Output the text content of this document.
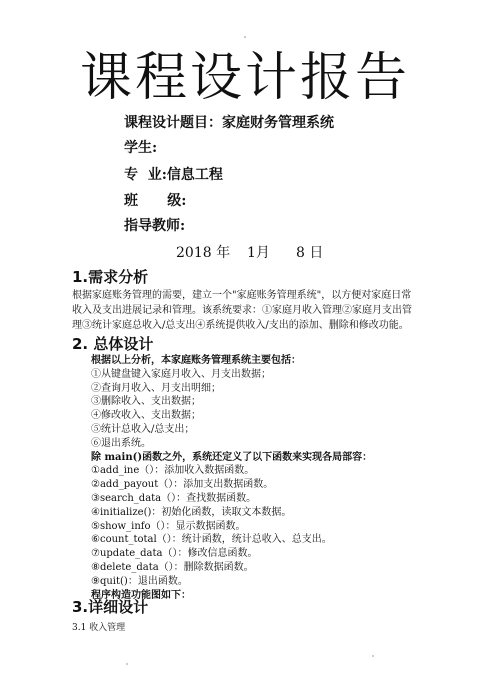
课程设计报告
课程设计题目：家庭财务管理系统
学生:
专  业:信息工程
班      级:
指导教师:
2018 年 1月 8 日
1.需求分析
根据家庭账务管理的需要，建立一个"家庭账务管理系统"，以方便对家庭日常
收入及支出进展记录和管理。该系统要求：①家庭月收入管理②家庭月支出管
理③统计家庭总收入/总支出④系统提供收入/支出的添加、删除和修改功能。
2. 总体设计
根据以上分析，本家庭账务管理系统主要包括：
①从键盘键入家庭月收入、月支出数据；
②查询月收入、月支出明细；
③删除收入、支出数据；
④修改收入、支出数据；
⑤统计总收入/总支出；
⑥退出系统。
除 main()函数之外，系统还定义了以下函数来实现各局部容：
①add_ine（）：添加收入数据函数。
②add_payout（）：添加支出数据函数。
③search_data（）：查找数据函数。
④initialize()：初始化函数，读取文本数据。
⑤show_info（）：显示数据函数。
⑥count_total（）：统计函数，统计总收入、总支出。
⑦update_data（）：修改信息函数。
⑧delete_data（）：删除数据函数。
⑨quit()：退出函数。
程序构造功能图如下：
3.详细设计
3.1 收入管理
